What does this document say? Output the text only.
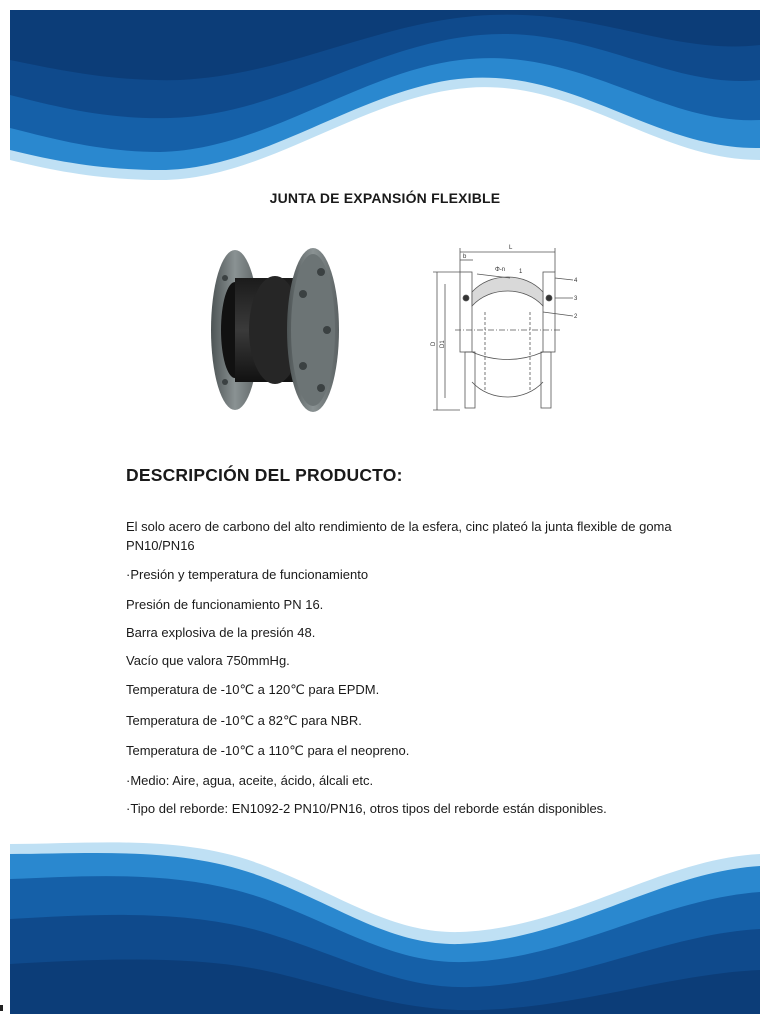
JUNTA DE EXPANSIÓN FLEXIBLE
L
b
Φ-n 1
4
3
2
D D1
DESCRIPCIÓN DEL PRODUCTO:
El solo acero de carbono del alto rendimiento de la esfera, cinc plateó la junta flexible de goma PN10/PN16
·Presión y temperatura de funcionamiento
Presión de funcionamiento PN 16.
Barra explosiva de la presión 48.
Vacío que valora 750mmHg.
Temperatura de -10℃ a 120℃ para EPDM.
Temperatura de -10℃ a 82℃ para NBR.
Temperatura de -10℃ a 110℃ para el neopreno.
·Medio: Aire, agua, aceite, ácido, álcali etc.
·Tipo del reborde: EN1092-2 PN10/PN16, otros tipos del reborde están disponibles.
